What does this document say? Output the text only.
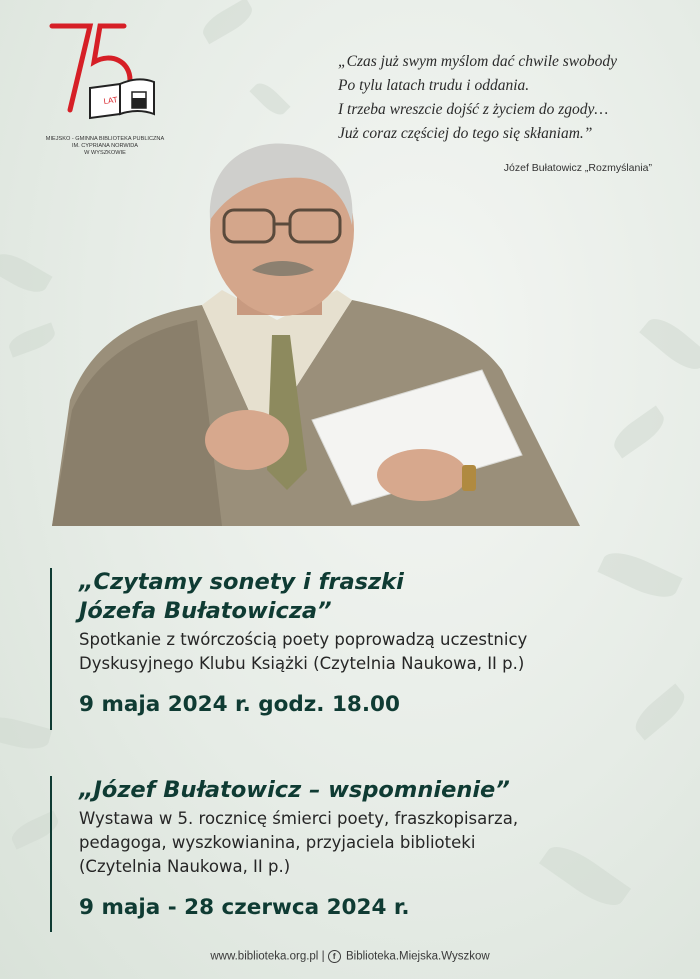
LAT
MIEJSKO - GMINNA BIBLIOTEKA PUBLICZNA
IM. CYPRIANA NORWIDA
W WYSZKOWIE
„Czas już swym myślom dać chwile swobody
Po tylu latach trudu i oddania.
I trzeba wreszcie dojść z życiem do zgody…
Już coraz częściej do tego się skłaniam.”
Józef Bułatowicz „Rozmyślania”
„Czytamy sonety i fraszki
Józefa Bułatowicza”
Spotkanie z twórczością poety poprowadzą uczestnicy
Dyskusyjnego Klubu Książki (Czytelnia Naukowa, II p.)
9 maja 2024 r. godz. 18.00
„Józef Bułatowicz – wspomnienie”
Wystawa w 5. rocznicę śmierci poety, fraszkopisarza,
pedagoga, wyszkowianina, przyjaciela biblioteki
(Czytelnia Naukowa, II p.)
9 maja - 28 czerwca 2024 r.
www.biblioteka.org.pl | f Biblioteka.Miejska.Wyszkow
